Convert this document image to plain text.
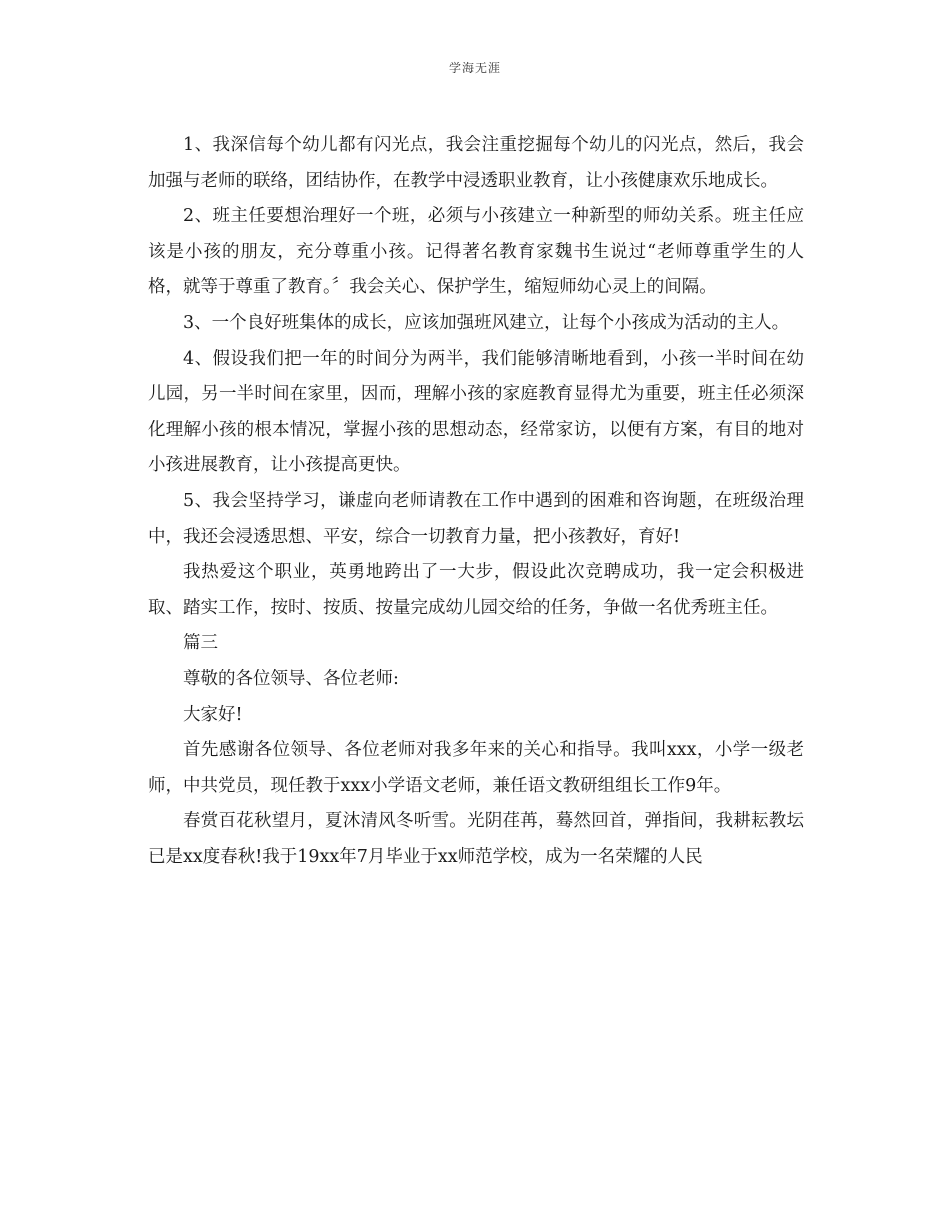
学海无涯

1、我深信每个幼儿都有闪光点，我会注重挖掘每个幼儿的闪光点，然后，我会加强与老师的联络，团结协作，在教学中浸透职业教育，让小孩健康欢乐地成长。

2、班主任要想治理好一个班，必须与小孩建立一种新型的师幼关系。班主任应该是小孩的朋友，充分尊重小孩。记得著名教育家魏书生说过“老师尊重学生的人格，就等于尊重了教育。〞我会关心、保护学生，缩短师幼心灵上的间隔。

3、一个良好班集体的成长，应该加强班风建立，让每个小孩成为活动的主人。

4、假设我们把一年的时间分为两半，我们能够清晰地看到，小孩一半时间在幼儿园，另一半时间在家里，因而，理解小孩的家庭教育显得尤为重要，班主任必须深化理解小孩的根本情况，掌握小孩的思想动态，经常家访，以便有方案，有目的地对小孩进展教育，让小孩提高更快。

5、我会坚持学习，谦虚向老师请教在工作中遇到的困难和咨询题，在班级治理中，我还会浸透思想、平安，综合一切教育力量，把小孩教好，育好!

我热爱这个职业，英勇地跨出了一大步，假设此次竞聘成功，我一定会积极进取、踏实工作，按时、按质、按量完成幼儿园交给的任务，争做一名优秀班主任。

篇三

尊敬的各位领导、各位老师:

大家好!

首先感谢各位领导、各位老师对我多年来的关心和指导。我叫xxx，小学一级老师，中共党员，现任教于xxx小学语文老师，兼任语文教研组组长工作9年。

春赏百花秋望月，夏沐清风冬听雪。光阴荏苒，蓦然回首，弹指间，我耕耘教坛已是xx度春秋!我于19xx年7月毕业于xx师范学校，成为一名荣耀的人民
